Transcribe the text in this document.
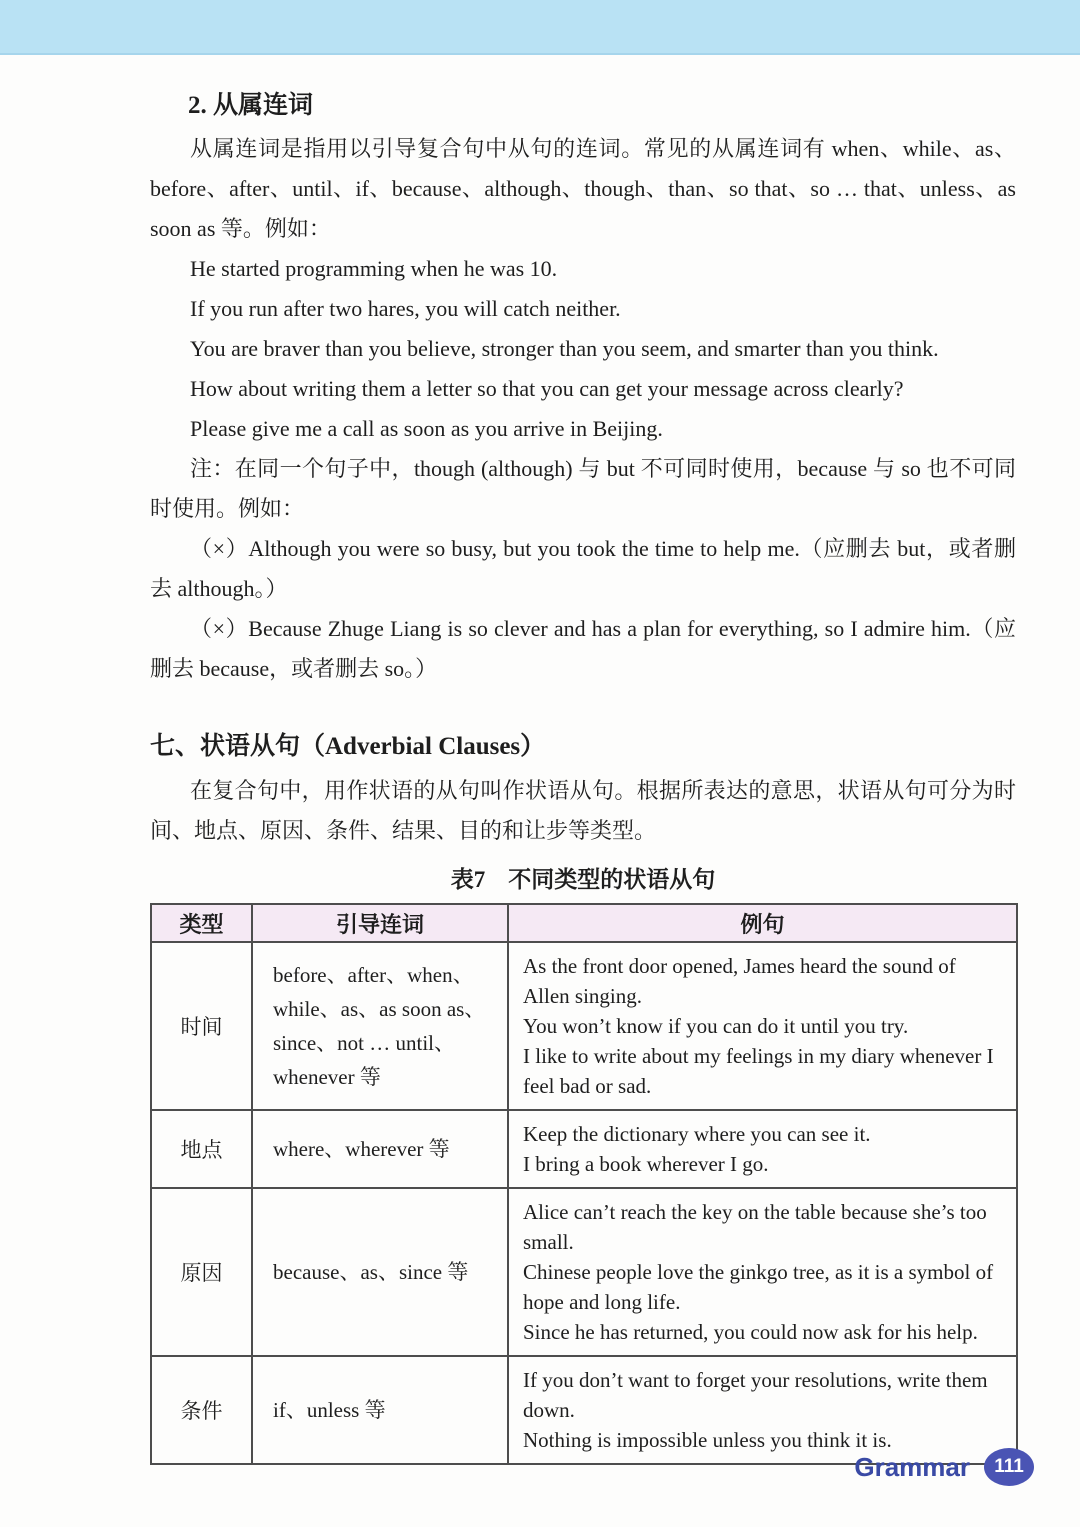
2. 从属连词

从属连词是指用以引导复合句中从句的连词。常见的从属连词有 when、while、as、before、after、until、if、because、although、though、than、so that、so … that、unless、as soon as 等。例如：

He started programming when he was 10.
If you run after two hares, you will catch neither.
You are braver than you believe, stronger than you seem, and smarter than you think.
How about writing them a letter so that you can get your message across clearly?
Please give me a call as soon as you arrive in Beijing.

注：在同一个句子中，though (although) 与 but 不可同时使用，because 与 so 也不可同时使用。例如：

（×）Although you were so busy, but you took the time to help me.（应删去 but，或者删去 although。）

（×）Because Zhuge Liang is so clever and has a plan for everything, so I admire him.（应删去 because，或者删去 so。）

七、状语从句（Adverbial Clauses）

在复合句中，用作状语的从句叫作状语从句。根据所表达的意思，状语从句可分为时间、地点、原因、条件、结果、目的和让步等类型。

表7　不同类型的状语从句
类型	引导连词	例句
时间	before、after、when、while、as、as soon as、since、not … until、whenever 等	As the front door opened, James heard the sound of Allen singing.
You won’t know if you can do it until you try.
I like to write about my feelings in my diary whenever I feel bad or sad.

地点	where、wherever 等	Keep the dictionary where you can see it.
I bring a book wherever I go.

原因	because、as、since 等	Alice can’t reach the key on the table because she’s too small.
Chinese people love the ginkgo tree, as it is a symbol of hope and long life.
Since he has returned, you could now ask for his help.

条件	if、unless 等	If you don’t want to forget your resolutions, write them down.
Nothing is impossible unless you think it is.
Grammar	111
